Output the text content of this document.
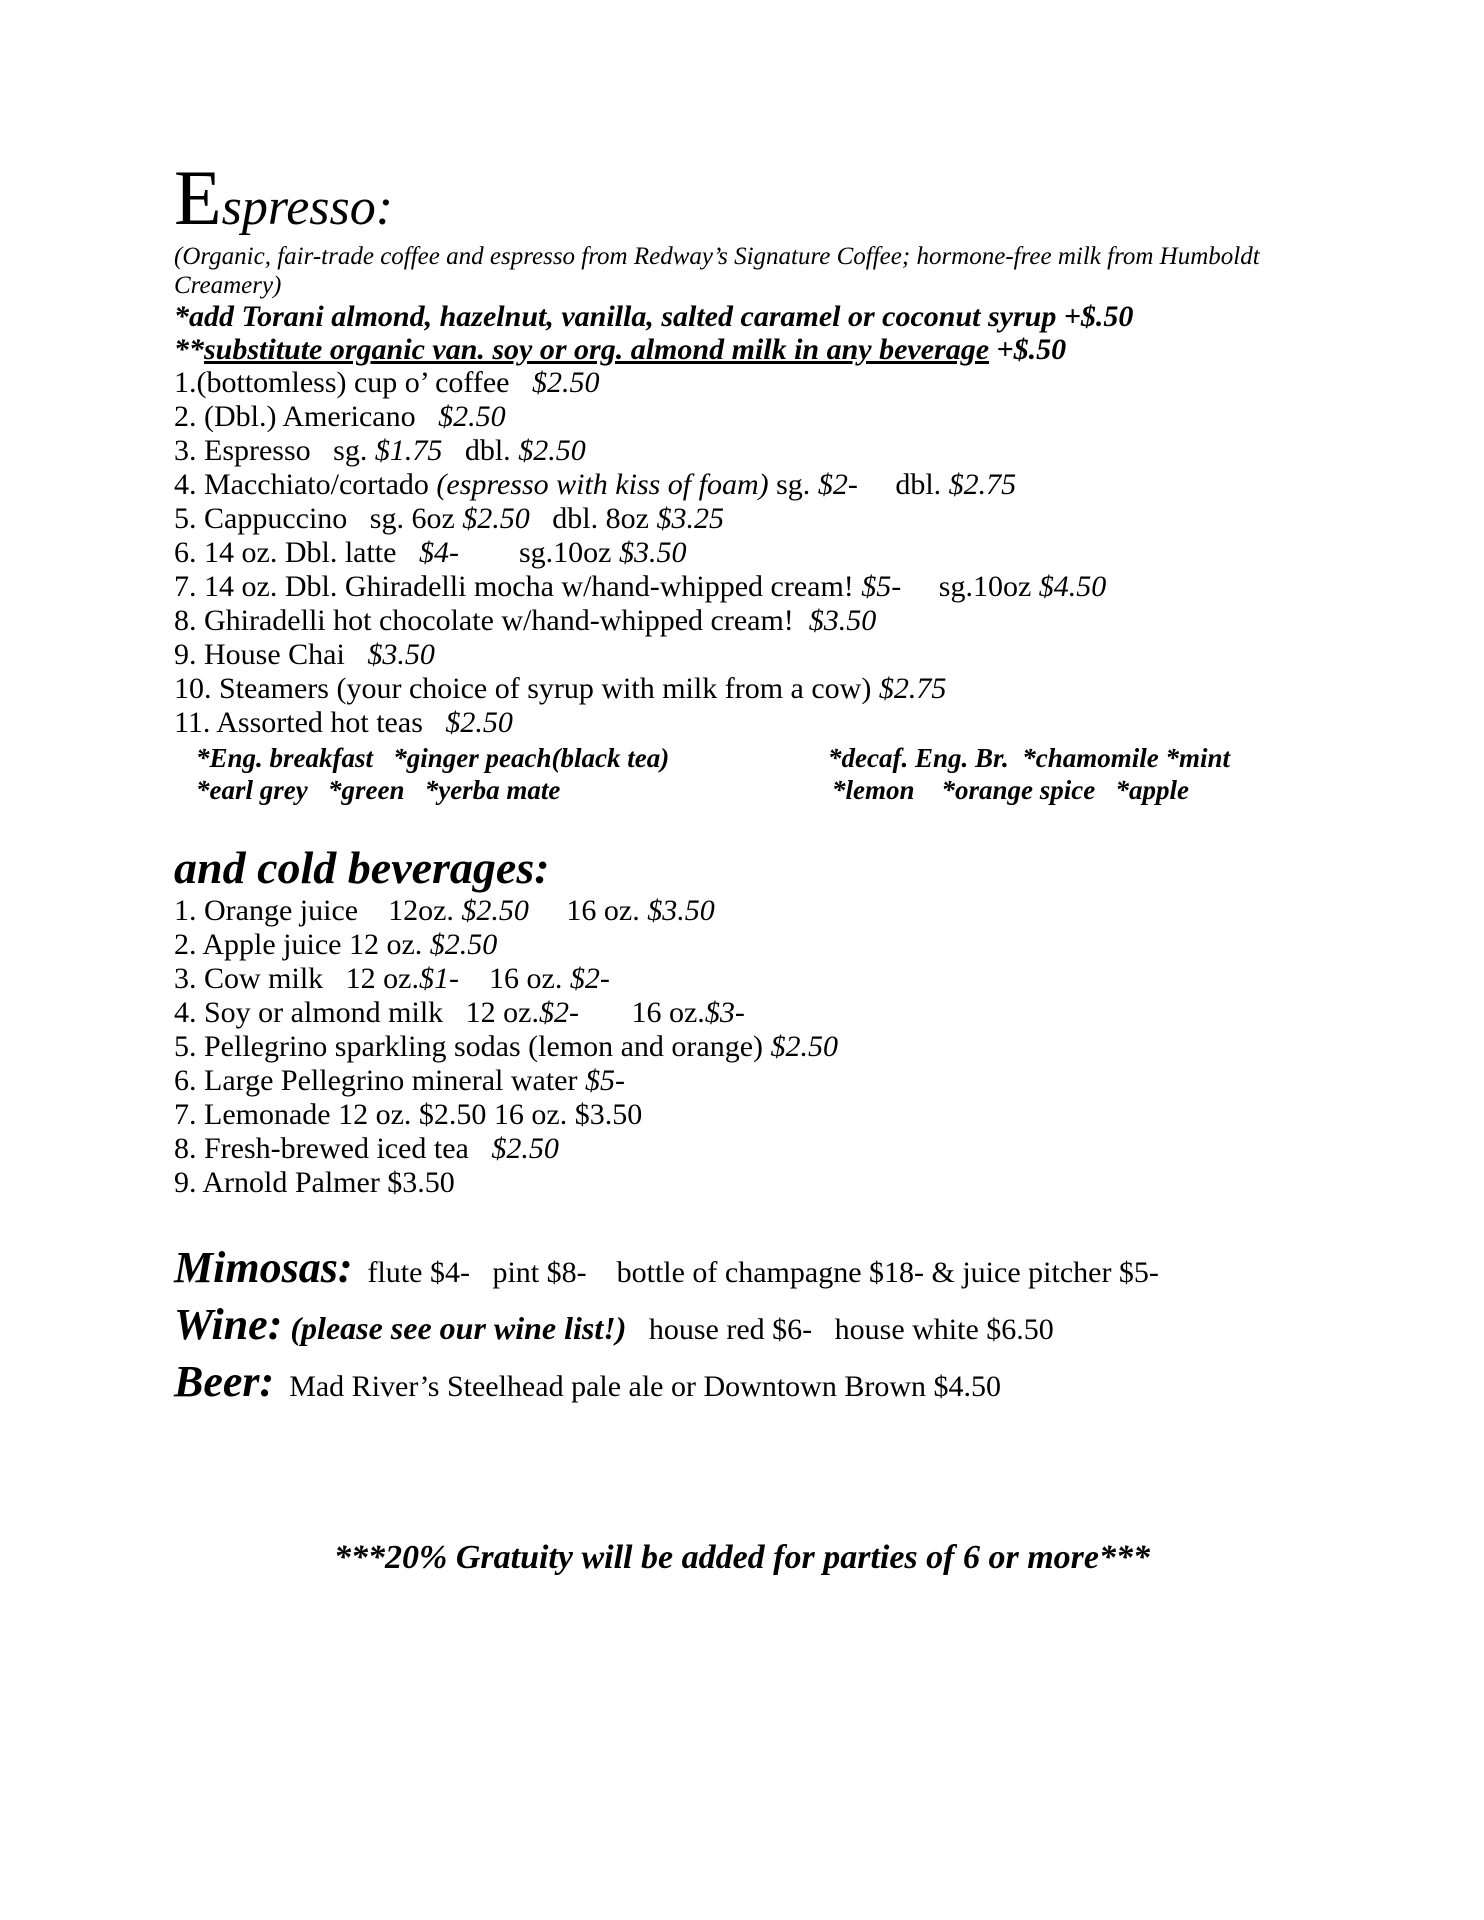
Espresso:

(Organic, fair-trade coffee and espresso from Redway’s Signature Coffee; hormone-free milk from Humboldt Creamery)

*add Torani almond, hazelnut, vanilla, salted caramel or coconut syrup +$.50

**substitute organic van. soy or org. almond milk in any beverage +$.50

1.(bottomless) cup o’ coffee   $2.50
2. (Dbl.) Americano   $2.50
3. Espresso   sg. $1.75   dbl. $2.50
4. Macchiato/cortado (espresso with kiss of foam) sg. $2-     dbl. $2.75
5. Cappuccino   sg. 6oz $2.50   dbl. 8oz $3.25
6. 14 oz. Dbl. latte   $4-        sg.10oz $3.50
7. 14 oz. Dbl. Ghiradelli mocha w/hand-whipped cream! $5-     sg.10oz $4.50
8. Ghiradelli hot chocolate w/hand-whipped cream!  $3.50
9. House Chai   $3.50
10. Steamers (your choice of syrup with milk from a cow) $2.75
11. Assorted hot teas   $2.50
*Eng. breakfast   *ginger peach(black tea)	*decaf. Eng. Br.  *chamomile *mint
*earl grey   *green   *yerba mate	*lemon    *orange spice   *apple
and cold beverages:
1. Orange juice    12oz. $2.50     16 oz. $3.50
2. Apple juice 12 oz. $2.50
3. Cow milk   12 oz.$1-    16 oz. $2-
4. Soy or almond milk   12 oz.$2-       16 oz.$3-
5. Pellegrino sparkling sodas (lemon and orange) $2.50
6. Large Pellegrino mineral water $5-
7. Lemonade 12 oz. $2.50 16 oz. $3.50
8. Fresh-brewed iced tea   $2.50
9. Arnold Palmer $3.50
Mimosas:  flute $4-   pint $8-    bottle of champagne $18- & juice pitcher $5-
Wine: (please see our wine list!)   house red $6-   house white $6.50
Beer:  Mad River’s Steelhead pale ale or Downtown Brown $4.50
***20% Gratuity will be added for parties of 6 or more***
